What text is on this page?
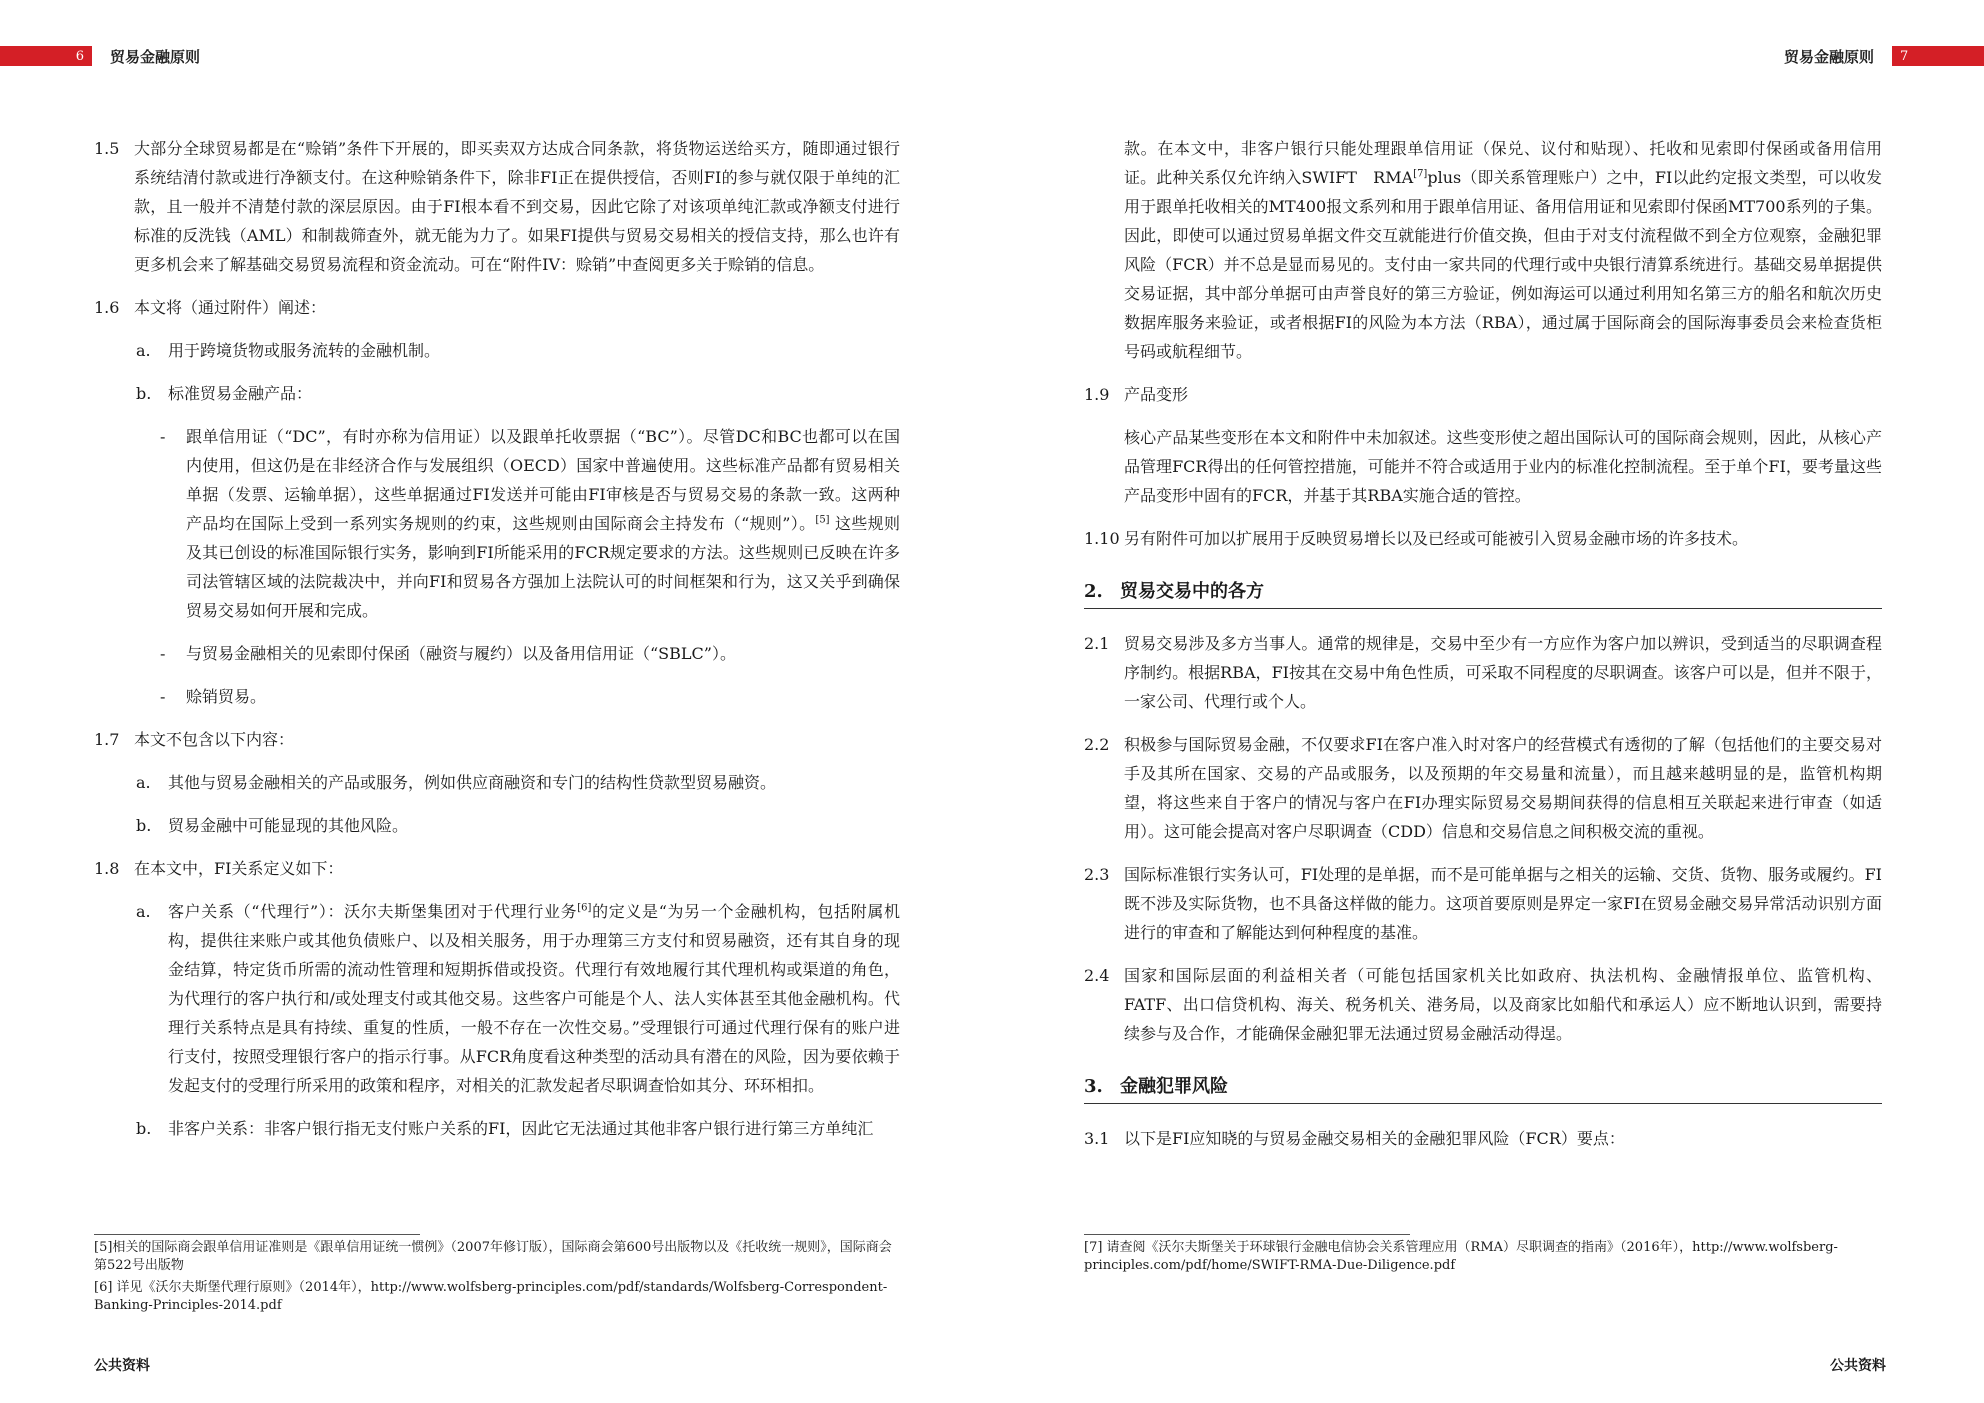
6	贸易金融原则
1.5 大部分全球贸易都是在“赊销”条件下开展的，即买卖双方达成合同条款，将货物运送给买方，随即通过银行系统结清付款或进行净额支付。在这种赊销条件下，除非FI正在提供授信，否则FI的参与就仅限于单纯的汇款，且一般并不清楚付款的深层原因。由于FI根本看不到交易，因此它除了对该项单纯汇款或净额支付进行标准的反洗钱（AML）和制裁筛查外，就无能为力了。如果FI提供与贸易交易相关的授信支持，那么也许有更多机会来了解基础交易贸易流程和资金流动。可在“附件IV：赊销”中查阅更多关于赊销的信息。
1.6 本文将（通过附件）阐述：
a. 用于跨境货物或服务流转的金融机制。
b. 标准贸易金融产品：
- 跟单信用证（“DC”，有时亦称为信用证）以及跟单托收票据（“BC”）。尽管DC和BC也都可以在国内使用，但这仍是在非经济合作与发展组织（OECD）国家中普遍使用。这些标准产品都有贸易相关单据（发票、运输单据），这些单据通过FI发送并可能由FI审核是否与贸易交易的条款一致。这两种产品均在国际上受到一系列实务规则的约束，这些规则由国际商会主持发布（“规则”）。[5] 这些规则及其已创设的标准国际银行实务，影响到FI所能采用的FCR规定要求的方法。这些规则已反映在许多司法管辖区域的法院裁决中，并向FI和贸易各方强加上法院认可的时间框架和行为，这又关乎到确保贸易交易如何开展和完成。
- 与贸易金融相关的见索即付保函（融资与履约）以及备用信用证（“SBLC”）。
- 赊销贸易。
1.7 本文不包含以下内容：
a. 其他与贸易金融相关的产品或服务，例如供应商融资和专门的结构性贷款型贸易融资。
b. 贸易金融中可能显现的其他风险。
1.8 在本文中，FI关系定义如下：
a. 客户关系（“代理行”）：沃尔夫斯堡集团对于代理行业务[6]的定义是“为另一个金融机构，包括附属机构，提供往来账户或其他负债账户、以及相关服务，用于办理第三方支付和贸易融资，还有其自身的现金结算，特定货币所需的流动性管理和短期拆借或投资。代理行有效地履行其代理机构或渠道的角色，为代理行的客户执行和/或处理支付或其他交易。这些客户可能是个人、法人实体甚至其他金融机构。代理行关系特点是具有持续、重复的性质，一般不存在一次性交易。”受理银行可通过代理行保有的账户进行支付，按照受理银行客户的指示行事。从FCR角度看这种类型的活动具有潜在的风险，因为要依赖于发起支付的受理行所采用的政策和程序，对相关的汇款发起者尽职调查恰如其分、环环相扣。
b. 非客户关系：非客户银行指无支付账户关系的FI，因此它无法通过其他非客户银行进行第三方单纯汇
[5]相关的国际商会跟单信用证准则是《跟单信用证统一惯例》（2007年修订版），国际商会第600号出版物以及《托收统一规则》，国际商会第522号出版物
[6] 详见《沃尔夫斯堡代理行原则》（2014年），http://www.wolfsberg-principles.com/pdf/standards/Wolfsberg-Correspondent-Banking-Principles-2014.pdf
公共资料
贸易金融原则	7
款。在本文中，非客户银行只能处理跟单信用证（保兑、议付和贴现）、托收和见索即付保函或备用信用证。此种关系仅允许纳入SWIFT　RMA[7]plus（即关系管理账户）之中，FI以此约定报文类型，可以收发用于跟单托收相关的MT400报文系列和用于跟单信用证、备用信用证和见索即付保函MT700系列的子集。因此，即使可以通过贸易单据文件交互就能进行价值交换，但由于对支付流程做不到全方位观察，金融犯罪风险（FCR）并不总是显而易见的。支付由一家共同的代理行或中央银行清算系统进行。基础交易单据提供交易证据，其中部分单据可由声誉良好的第三方验证，例如海运可以通过利用知名第三方的船名和航次历史数据库服务来验证，或者根据FI的风险为本方法（RBA），通过属于国际商会的国际海事委员会来检查货柜号码或航程细节。
1.9 产品变形
核心产品某些变形在本文和附件中未加叙述。这些变形使之超出国际认可的国际商会规则，因此，从核心产品管理FCR得出的任何管控措施，可能并不符合或适用于业内的标准化控制流程。至于单个FI，要考量这些产品变形中固有的FCR，并基于其RBA实施合适的管控。
1.10 另有附件可加以扩展用于反映贸易增长以及已经或可能被引入贸易金融市场的许多技术。
2. 贸易交易中的各方
2.1 贸易交易涉及多方当事人。通常的规律是，交易中至少有一方应作为客户加以辨识，受到适当的尽职调查程序制约。根据RBA，FI按其在交易中角色性质，可采取不同程度的尽职调查。该客户可以是，但并不限于，一家公司、代理行或个人。
2.2 积极参与国际贸易金融，不仅要求FI在客户准入时对客户的经营模式有透彻的了解（包括他们的主要交易对手及其所在国家、交易的产品或服务，以及预期的年交易量和流量），而且越来越明显的是，监管机构期望，将这些来自于客户的情况与客户在FI办理实际贸易交易期间获得的信息相互关联起来进行审查（如适用）。这可能会提高对客户尽职调查（CDD）信息和交易信息之间积极交流的重视。
2.3 国际标准银行实务认可，FI处理的是单据，而不是可能单据与之相关的运输、交货、货物、服务或履约。FI既不涉及实际货物，也不具备这样做的能力。这项首要原则是界定一家FI在贸易金融交易异常活动识别方面进行的审查和了解能达到何种程度的基准。
2.4 国家和国际层面的利益相关者（可能包括国家机关比如政府、执法机构、金融情报单位、监管机构、FATF、出口信贷机构、海关、税务机关、港务局，以及商家比如船代和承运人）应不断地认识到，需要持续参与及合作，才能确保金融犯罪无法通过贸易金融活动得逞。
3. 金融犯罪风险
3.1 以下是FI应知晓的与贸易金融交易相关的金融犯罪风险（FCR）要点：
[7] 请查阅《沃尔夫斯堡关于环球银行金融电信协会关系管理应用（RMA）尽职调查的指南》（2016年），http://www.wolfsberg-principles.com/pdf/home/SWIFT-RMA-Due-Diligence.pdf
公共资料
